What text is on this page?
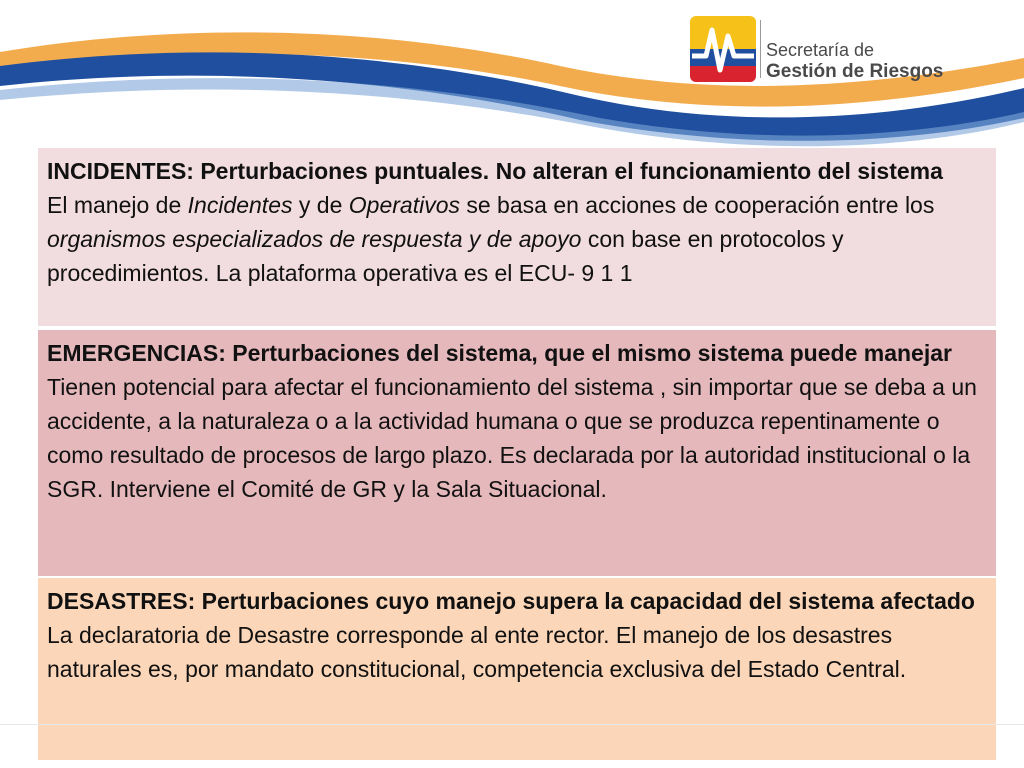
Secretaría de
Gestión de Riesgos

INCIDENTES: Perturbaciones puntuales. No alteran el funcionamiento del sistema

El manejo de Incidentes y de Operativos se basa en acciones de cooperación entre los organismos especializados de respuesta y de apoyo con base en protocolos y procedimientos. La plataforma operativa es el ECU- 9 1 1

EMERGENCIAS: Perturbaciones del sistema, que el mismo sistema puede manejar

Tienen potencial para afectar el funcionamiento del sistema , sin importar que se deba a un accidente, a la naturaleza o a la actividad humana o que se produzca repentinamente o como resultado de procesos de largo plazo. Es declarada por la autoridad institucional o la SGR. Interviene el Comité de GR y la Sala Situacional.

DESASTRES: Perturbaciones cuyo manejo supera la capacidad del sistema afectado

La declaratoria de Desastre corresponde al ente rector. El manejo de los desastres naturales es, por mandato constitucional, competencia exclusiva del Estado Central.
